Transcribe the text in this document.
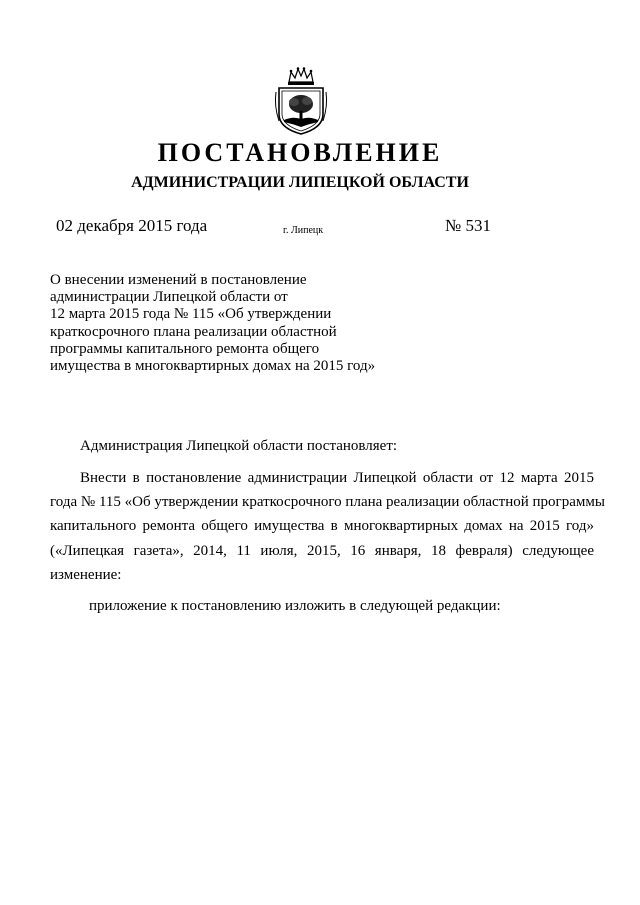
ПОСТАНОВЛЕНИЕ
АДМИНИСТРАЦИИ ЛИПЕЦКОЙ ОБЛАСТИ
02 декабря 2015 года	г. Липецк	№ 531
О внесении изменений в постановление
администрации Липецкой области от
12 марта 2015 года № 115 «Об утверждении
краткосрочного плана реализации областной
программы капитального ремонта общего
имущества в многоквартирных домах на 2015 год»
Администрация Липецкой области постановляет:
Внести в постановление администрации Липецкой области от 12 марта 2015
года № 115 «Об утверждении краткосрочного плана реализации областной программы
капитального ремонта общего имущества в многоквартирных домах на 2015 год»
(«Липецкая газета», 2014, 11 июля, 2015, 16 января, 18 февраля) следующее
изменение:
приложение к постановлению изложить в следующей редакции:
